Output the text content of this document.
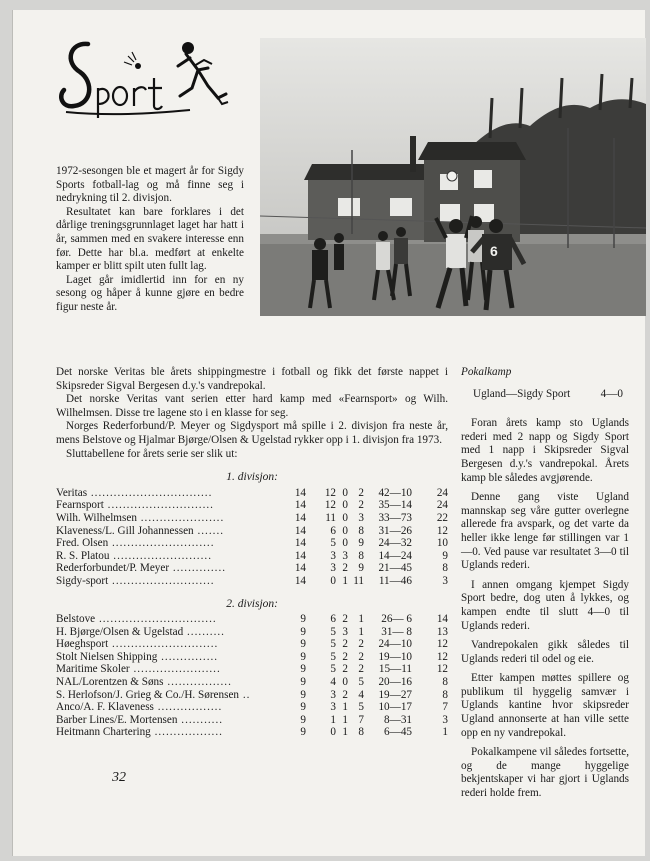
Sport

1972-sesongen ble et magert år for Sigdy Sports fotball-lag og må finne seg i nedrykning til 2. divisjon.

Resultatet kan bare forklares i det dårlige treningsgrunnlaget laget har hatt i år, sammen med en svakere interesse enn før. Dette har bl.a. medført at enkelte kamper er blitt spilt uten fullt lag.

Laget går imidlertid inn for en ny sesong og håper å kunne gjøre en bedre figur neste år.

6

Det norske Veritas ble årets shippingmestre i fotball og fikk det første nappet i Skipsreder Sigval Bergesen d.y.'s vandrepokal.

Det norske Veritas vant serien etter hard kamp med «Fearnsport» og Wilh. Wilhelmsen. Disse tre lagene sto i en klasse for seg.

Norges Rederforbund/P. Meyer og Sigdysport må spille i 2. divisjon fra neste år, mens Belstove og Hjalmar Bjørge/Olsen & Ugelstad rykker opp i 1. divisjon fra 1973.

Sluttabellene for årets serie ser slik ut:

1. divisjon:
Veritas ................................	14	12	0	2	42—10	24
Fearnsport ............................	14	12	0	2	35—14	24
Wilh. Wilhelmsen ......................	14	11	0	3	33—73	22
Klaveness/L. Gill Johannessen .......	14	6	0	8	31—26	12
Fred. Olsen ...........................	14	5	0	9	24—32	10
R. S. Platou ..........................	14	3	3	8	14—24	9
Rederforbundet/P. Meyer ..............	14	3	2	9	21—45	8
Sigdy-sport ...........................	14	0	1	11	11—46	3
2. divisjon:
Belstove ...............................	9	6	2	1	26— 6	14
H. Bjørge/Olsen & Ugelstad ..........	9	5	3	1	31— 8	13
Høeghsport ............................	9	5	2	2	24—10	12
Stolt Nielsen Shipping ...............	9	5	2	2	19—10	12
Maritime Skoler .......................	9	5	2	2	15—11	12
NAL/Lorentzen & Søns .................	9	4	0	5	20—16	8
S. Herlofson/J. Grieg & Co./H. Sørensen ..	9	3	2	4	19—27	8
Anco/A. F. Klaveness .................	9	3	1	5	10—17	7
Barber Lines/E. Mortensen ...........	9	1	1	7	8—31	3
Heitmann Chartering ..................	9	0	1	8	6—45	1
Pokalkamp
Ugland—Sigdy Sport	4—0

Foran årets kamp sto Uglands rederi med 2 napp og Sigdy Sport med 1 napp i Skipsreder Sigval Bergesen d.y.'s vandrepokal. Årets kamp ble således avgjørende.

Denne gang viste Ugland mannskap seg våre gutter overlegne allerede fra avspark, og det varte da heller ikke lenge før stillingen var 1—0. Ved pause var resultatet 3—0 til Uglands rederi.

I annen omgang kjempet Sigdy Sport bedre, dog uten å lykkes, og kampen endte til slutt 4—0 til Uglands rederi.

Vandrepokalen gikk således til Uglands rederi til odel og eie.

Etter kampen møttes spillere og publikum til hyggelig samvær i Uglands kantine hvor skipsreder Ugland annonserte at han ville sette opp en ny vandrepokal.

Pokalkampene vil således fortsette, og de mange hyggelige bekjentskaper vi har gjort i Uglands rederi holde frem.

32
